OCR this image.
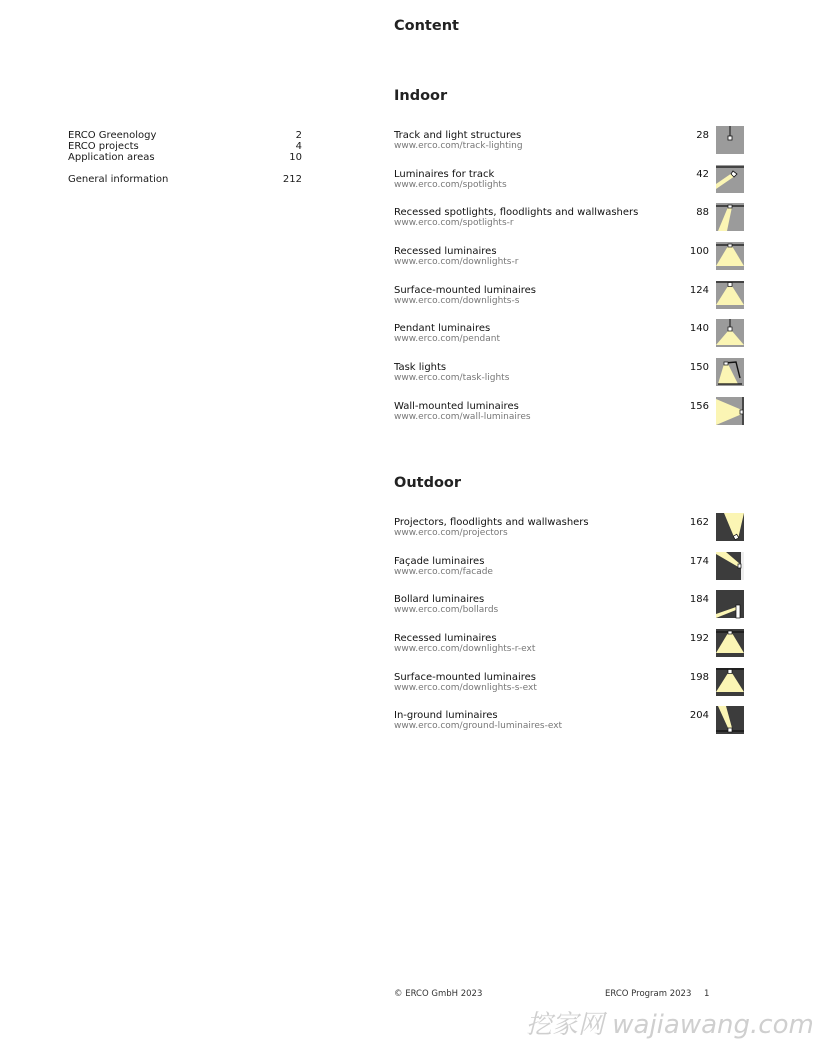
Content
ERCO Greenology	2
ERCO projects	4
Application areas	10
General information	212
Indoor
Track and light structures
www.erco.com/track-lighting
28
Luminaires for track
www.erco.com/spotlights
42
Recessed spotlights, floodlights and wallwashers
www.erco.com/spotlights-r
88
Recessed luminaires
www.erco.com/downlights-r
100
Surface-mounted luminaires
www.erco.com/downlights-s
124
Pendant luminaires
www.erco.com/pendant
140
Task lights
www.erco.com/task-lights
150
Wall-mounted luminaires
www.erco.com/wall-luminaires
156
Outdoor
Projectors, floodlights and wallwashers
www.erco.com/projectors
162
Façade luminaires
www.erco.com/facade
174
Bollard luminaires
www.erco.com/bollards
184
Recessed luminaires
www.erco.com/downlights-r-ext
192
Surface-mounted luminaires
www.erco.com/downlights-s-ext
198
In-ground luminaires
www.erco.com/ground-luminaires-ext
204
© ERCO GmbH 2023	ERCO Program 2023 1
挖家网 wajiawang.com
